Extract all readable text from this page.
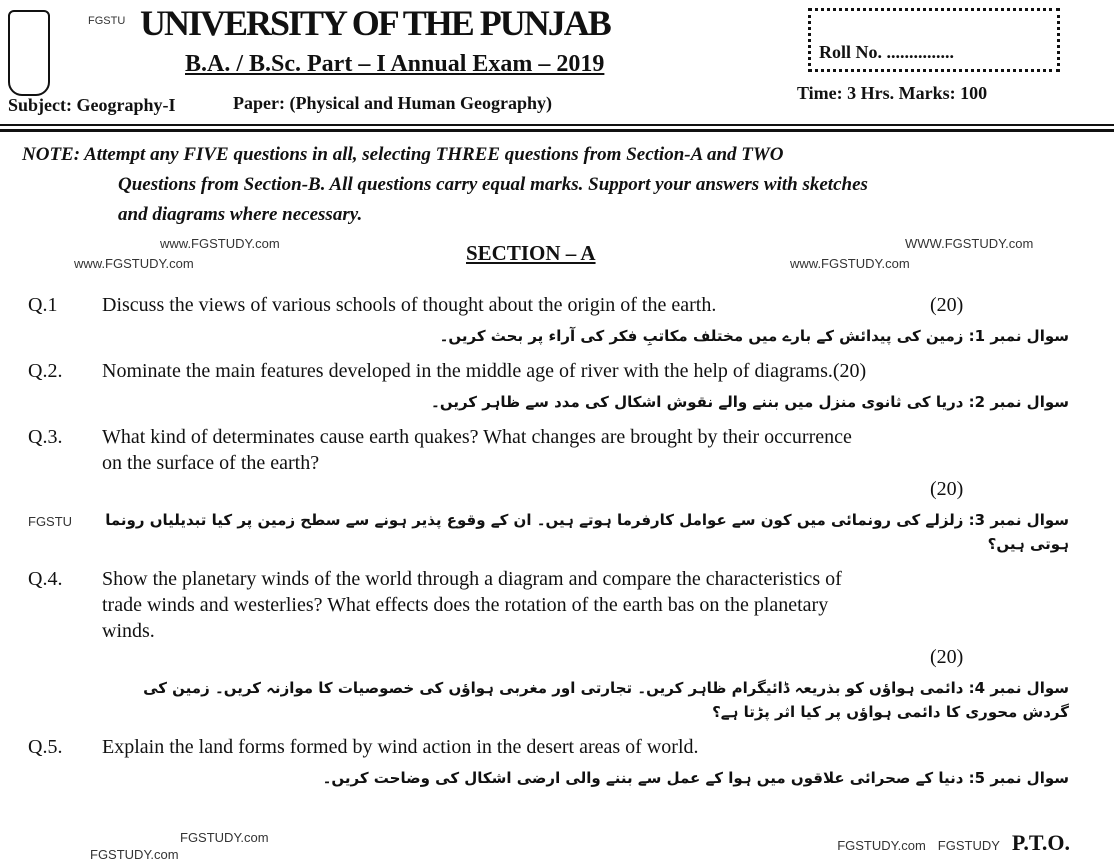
FGSTU UNIVERSITY OF THE PUNJAB
B.A. / B.Sc. Part – I Annual Exam – 2019
Subject: Geography-I	Paper: (Physical and Human Geography)
Roll No. ...............
Time: 3 Hrs. Marks: 100
NOTE: Attempt any FIVE questions in all, selecting THREE questions from Section-A and TWO
Questions from Section-B. All questions carry equal marks. Support your answers with sketches
and diagrams where necessary.
www.FGSTUDY.com
www.FGSTUDY.com	SECTION – A	WWW.FGSTUDY.com
www.FGSTUDY.com
Q.1	Discuss the views of various schools of thought about the origin of the earth.	(20)
سوال نمبر 1: زمین کی پیدائش کے بارے میں مختلف مکاتبِ فکر کی آراء پر بحث کریں۔
Q.2.	Nominate the main features developed in the middle age of river with the help of diagrams.(20)
سوال نمبر 2: دریا کی ثانوی منزل میں بننے والے نقوش اشکال کی مدد سے ظاہر کریں۔
Q.3.	What kind of determinates cause earth quakes? What changes are brought by their occurrence
on the surface of the earth?
(20)
FGSTU	سوال نمبر 3: زلزلے کی رونمائی میں کون سے عوامل کارفرما ہوتے ہیں۔ ان کے وقوع پذیر ہونے سے سطح زمین پر کیا تبدیلیاں رونما ہوتی ہیں؟
Q.4.	Show the planetary winds of the world through a diagram and compare the characteristics of
trade winds and westerlies? What effects does the rotation of the earth bas on the planetary
winds.
(20)
سوال نمبر 4: دائمی ہواؤں کو بذریعہ ڈائیگرام ظاہر کریں۔ تجارتی اور مغربی ہواؤں کی خصوصیات کا موازنہ کریں۔ زمین کی گردش محوری کا دائمی ہواؤں پر کیا اثر پڑتا ہے؟
Q.5.	Explain the land forms formed by wind action in the desert areas of world.
سوال نمبر 5: دنیا کے صحرائی علاقوں میں ہوا کے عمل سے بننے والی ارضی اشکال کی وضاحت کریں۔
FGSTUDY.com
FGSTUDY.com
FGSTUDY.com FGSTUDY P.T.O.
